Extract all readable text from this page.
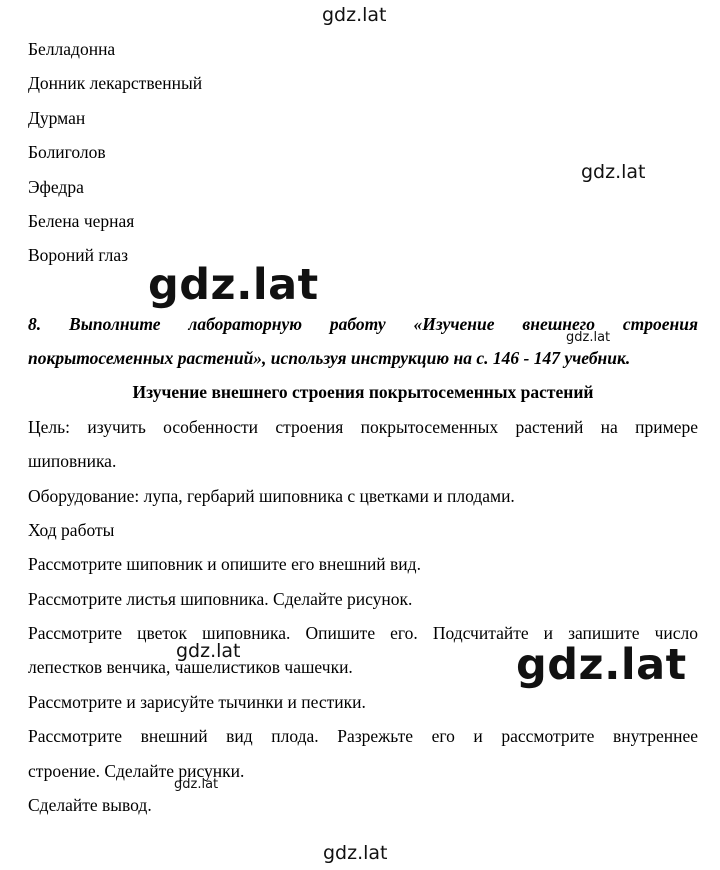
gdz.lat
Белладонна
Донник лекарственный
Дурман
Болиголов
Эфедра
Белена черная
Вороний глаз
gdz.lat
gdz.lat
8. Выполните лабораторную работу «Изучение внешнего строения
gdz.lat
покрытосеменных растений», используя инструкцию на с. 146 - 147 учебник.
Изучение внешнего строения покрытосеменных растений
Цель: изучить особенности строения покрытосеменных растений на примере
шиповника.
Оборудование: лупа, гербарий шиповника с цветками и плодами.
Ход работы
Рассмотрите шиповник и опишите его внешний вид.
Рассмотрите листья шиповника. Сделайте рисунок.
Рассмотрите цветок шиповника. Опишите его. Подсчитайте и запишите число
gdz.lat
лепестков венчика, чашелистиков чашечки.	gdz.lat
Рассмотрите и зарисуйте тычинки и пестики.
Рассмотрите внешний вид плода. Разрежьте его и рассмотрите внутреннее
строение. Сделайте рисунки.
gdz.lat
Сделайте вывод.
gdz.lat
